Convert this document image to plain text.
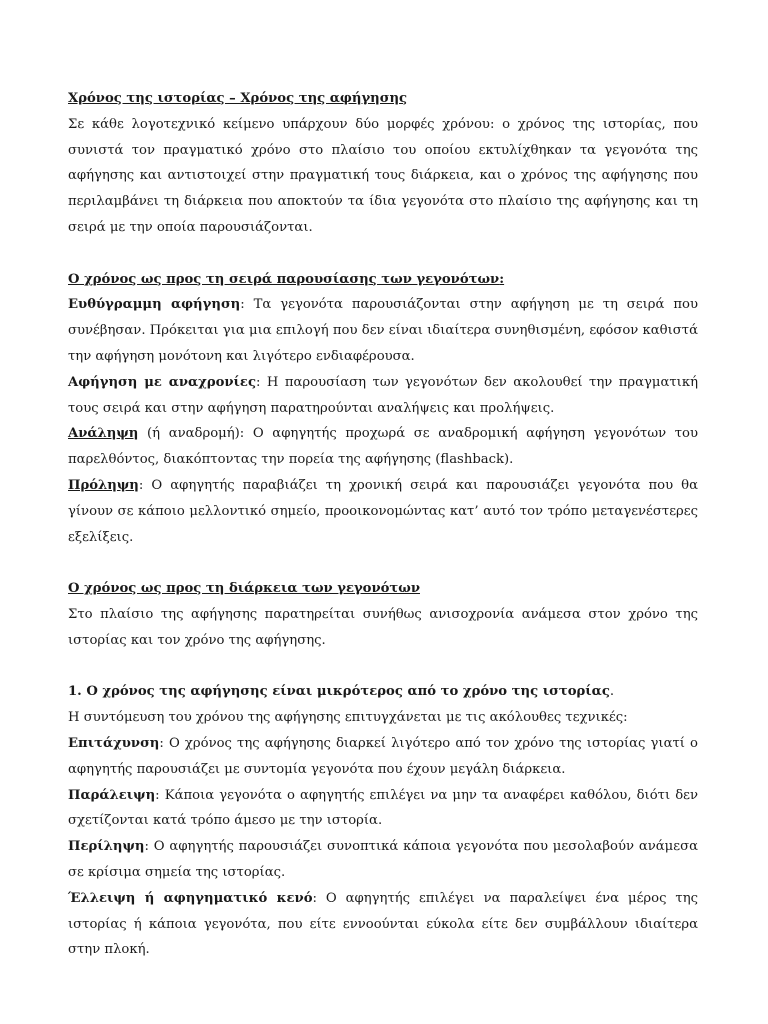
Χρόνος της ιστορίας – Χρόνος της αφήγησης

Σε κάθε λογοτεχνικό κείμενο υπάρχουν δύο μορφές χρόνου: ο χρόνος της ιστορίας, που συνιστά τον πραγματικό χρόνο στο πλαίσιο του οποίου εκτυλίχθηκαν τα γεγονότα της αφήγησης και αντιστοιχεί στην πραγματική τους διάρκεια, και ο χρόνος της αφήγησης που περιλαμβάνει τη διάρκεια που αποκτούν τα ίδια γεγονότα στο πλαίσιο της αφήγησης και τη σειρά με την οποία παρουσιάζονται.

Ο χρόνος ως προς τη σειρά παρουσίασης των γεγονότων:

Ευθύγραμμη αφήγηση: Τα γεγονότα παρουσιάζονται στην αφήγηση με τη σειρά που συνέβησαν. Πρόκειται για μια επιλογή που δεν είναι ιδιαίτερα συνηθισμένη, εφόσον καθιστά την αφήγηση μονότονη και λιγότερο ενδιαφέρουσα.

Αφήγηση με αναχρονίες: Η παρουσίαση των γεγονότων δεν ακολουθεί την πραγματική τους σειρά και στην αφήγηση παρατηρούνται αναλήψεις και προλήψεις.

Ανάληψη (ή αναδρομή): Ο αφηγητής προχωρά σε αναδρομική αφήγηση γεγονότων του παρελθόντος, διακόπτοντας την πορεία της αφήγησης (flashback).

Πρόληψη: Ο αφηγητής παραβιάζει τη χρονική σειρά και παρουσιάζει γεγονότα που θα γίνουν σε κάποιο μελλοντικό σημείο, προοικονομώντας κατ’ αυτό τον τρόπο μεταγενέστερες εξελίξεις.

Ο χρόνος ως προς τη διάρκεια των γεγονότων

Στο πλαίσιο της αφήγησης παρατηρείται συνήθως ανισοχρονία ανάμεσα στον χρόνο της ιστορίας και τον χρόνο της αφήγησης.

1. Ο χρόνος της αφήγησης είναι μικρότερος από το χρόνο της ιστορίας.

Η συντόμευση του χρόνου της αφήγησης επιτυγχάνεται με τις ακόλουθες τεχνικές:

Επιτάχυνση: Ο χρόνος της αφήγησης διαρκεί λιγότερο από τον χρόνο της ιστορίας γιατί ο αφηγητής παρουσιάζει με συντομία γεγονότα που έχουν μεγάλη διάρκεια.

Παράλειψη: Κάποια γεγονότα ο αφηγητής επιλέγει να μην τα αναφέρει καθόλου, διότι δεν σχετίζονται κατά τρόπο άμεσο με την ιστορία.

Περίληψη: Ο αφηγητής παρουσιάζει συνοπτικά κάποια γεγονότα που μεσολαβούν ανάμεσα σε κρίσιμα σημεία της ιστορίας.

Έλλειψη ή αφηγηματικό κενό: Ο αφηγητής επιλέγει να παραλείψει ένα μέρος της ιστορίας ή κάποια γεγονότα, που είτε εννοούνται εύκολα είτε δεν συμβάλλουν ιδιαίτερα στην πλοκή.
